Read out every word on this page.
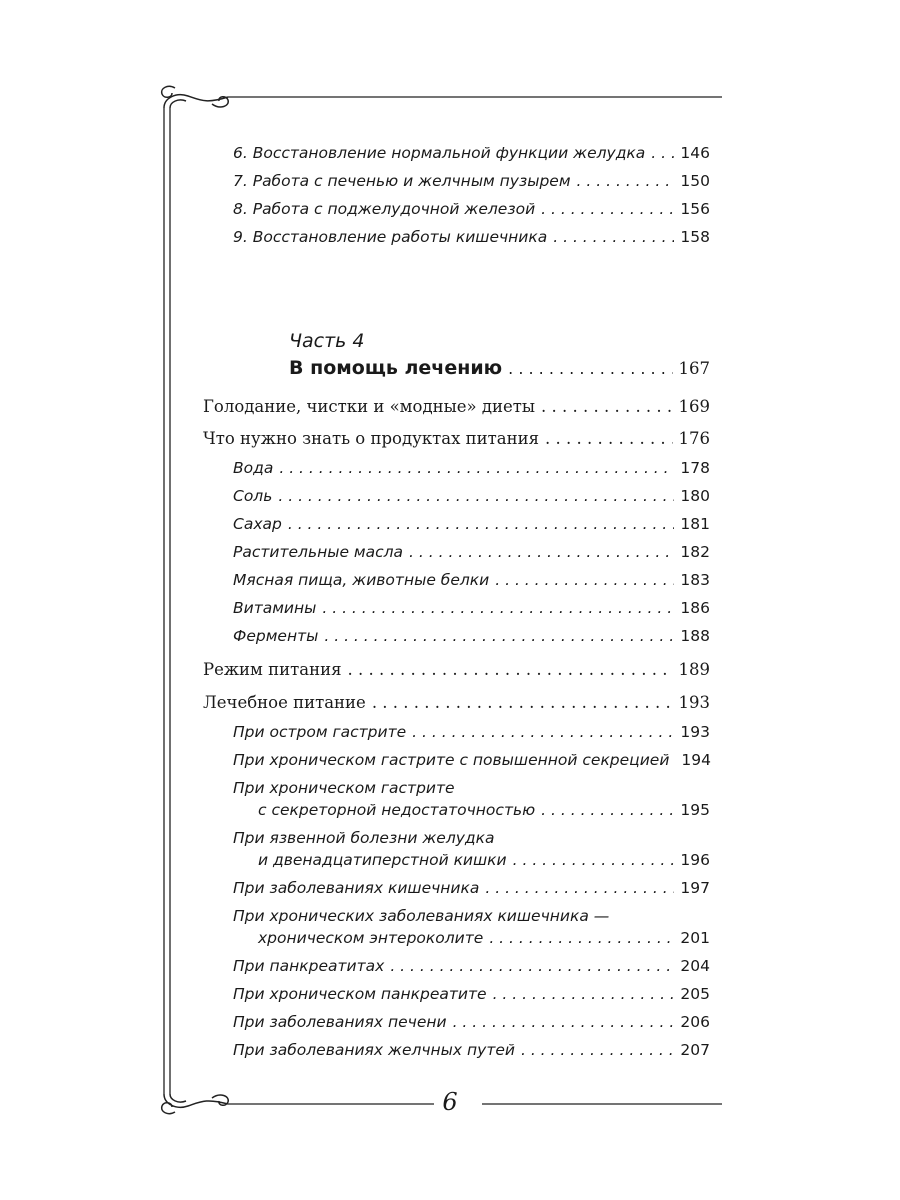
6. Восстановление нормальной функции желудка . . . 146
7. Работа с печенью и желчным пузырем . . .	150
8. Работа с поджелудочной железой . . .	156
9. Восстановление работы кишечника . . .	158
Часть 4
В помощь лечению . . .	167
Голодание, чистки и «модные» диеты . . .	169
Что нужно знать о продуктах питания . . .	176
Вода . . .	178
Соль . . .	180
Сахар . . .	181
Растительные масла . . .	182
Мясная пища, животные белки . . .	183
Витамины . . .	186
Ферменты . . .	188
Режим питания . . .	189
Лечебное питание . . .	193
При остром гастрите . . .	193
При хроническом гастрите с повышенной секрецией 194
При хроническом гастрите
с секреторной недостаточностью . . .	195
При язвенной болезни желудка
и двенадцатиперстной кишки . . .	196
При заболеваниях кишечника . . .	197
При хронических заболеваниях кишечника —
хроническом энтероколите . . .	201
При панкреатитах . . .	204
При хроническом панкреатите . . .	205
При заболеваниях печени . . .	206
При заболеваниях желчных путей . . .	207
6
